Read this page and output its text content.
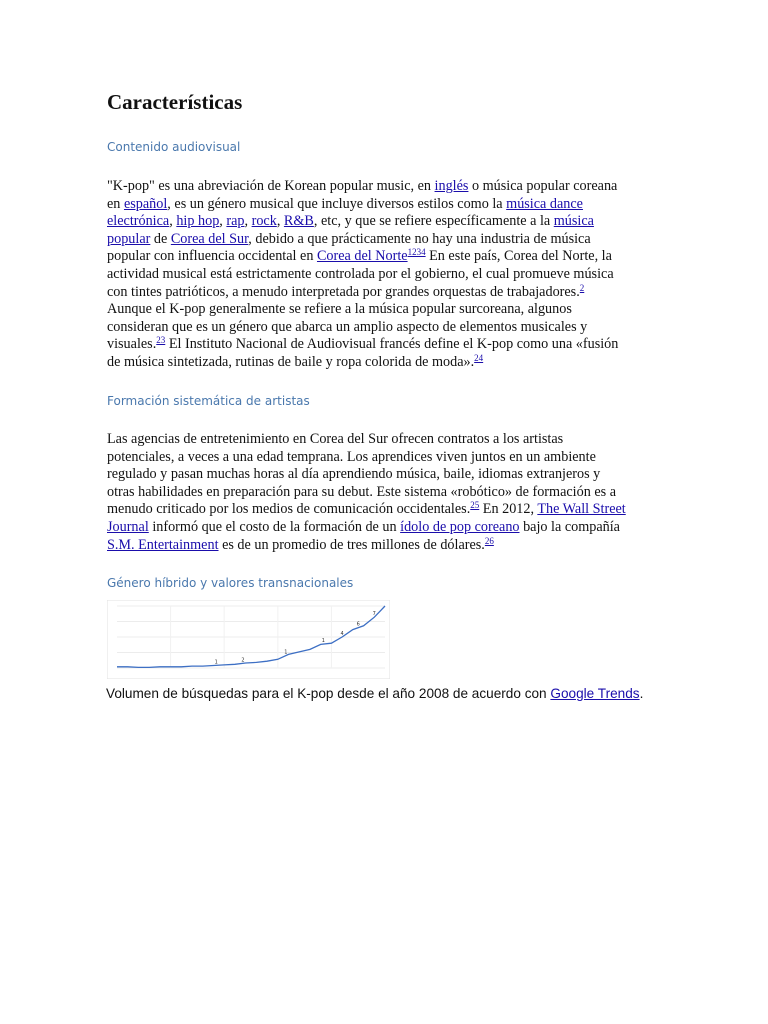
Características
Contenido audiovisual
"K-pop" es una abreviación de Korean popular music, en inglés o música popular coreana
en español, es un género musical que incluye diversos estilos como la música dance
electrónica, hip hop, rap, rock, R&B, etc, y que se refiere específicamente a la música
popular de Corea del Sur, debido a que prácticamente no hay una industria de música
popular con influencia occidental en Corea del Norte$^{1234}$ En este país, Corea del Norte, la
actividad musical está estrictamente controlada por el gobierno, el cual promueve música
con tintes patrióticos, a menudo interpretada por grandes orquestas de trabajadores.$^2$
Aunque el K-pop generalmente se refiere a la música popular surcoreana, algunos
consideran que es un género que abarca un amplio aspecto de elementos musicales y
visuales.$^{23}$ El Instituto Nacional de Audiovisual francés define el K-pop como una «fusión
de música sintetizada, rutinas de baile y ropa colorida de moda».$^{24}$
Formación sistemática de artistas
Las agencias de entretenimiento en Corea del Sur ofrecen contratos a los artistas
potenciales, a veces a una edad temprana. Los aprendices viven juntos en un ambiente
regulado y pasan muchas horas al día aprendiendo música, baile, idiomas extranjeros y
otras habilidades en preparación para su debut. Este sistema «robótico» de formación es a
menudo criticado por los medios de comunicación occidentales.$^{25}$ En 2012, The Wall Street
Journal informó que el costo de la formación de un ídolo de pop coreano bajo la compañía
S.M. Entertainment es de un promedio de tres millones de dólares.$^{26}$
Género híbrido y valores transnacionales
1	2
1
1
4
6
7
Volumen de búsquedas para el K-pop desde el año 2008 de acuerdo con Google Trends.
